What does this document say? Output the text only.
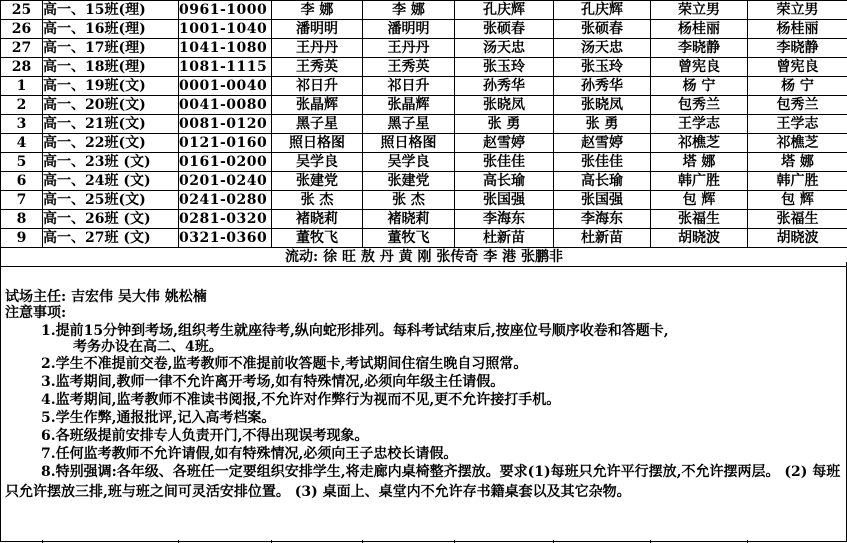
25	高一、15班(理)	0961-1000	李 娜	李 娜	孔庆辉	孔庆辉	荣立男	荣立男
26	高一、16班(理)	1001-1040	潘明明	潘明明	张硕春	张硕春	杨桂丽	杨桂丽
27	高一、17班(理)	1041-1080	王丹丹	王丹丹	汤天忠	汤天忠	李晓静	李晓静
28	高一、18班(理)	1081-1115	王秀英	王秀英	张玉玲	张玉玲	曾宪良	曾宪良
1	高一、19班(文)	0001-0040	祁日升	祁日升	孙秀华	孙秀华	杨 宁	杨 宁
2	高一、20班(文)	0041-0080	张晶辉	张晶辉	张晓凤	张晓凤	包秀兰	包秀兰
3	高一、21班(文)	0081-0120	黑子星	黑子星	张 勇	张 勇	王学志	王学志
4	高一、22班(文)	0121-0160	照日格图	照日格图	赵雪婷	赵雪婷	祁樵芝	祁樵芝
5	高一、23班 (文)	0161-0200	吴学良	吴学良	张佳佳	张佳佳	塔 娜	塔 娜
6	高一、24班 (文)	0201-0240	张建党	张建党	高长瑜	高长瑜	韩广胜	韩广胜
7	高一、25班(文)	0241-0280	张 杰	张 杰	张国强	张国强	包 辉	包 辉
8	高一、26班 (文)	0281-0320	褚晓莉	褚晓莉	李海东	李海东	张福生	张福生
9	高一、27班 (文)	0321-0360	董牧飞	董牧飞	杜新苗	杜新苗	胡晓波	胡晓波
流动: 徐 旺 敖 丹 黄 刚 张传奇 李 港 张鹏非								
试场主任: 吉宏伟 吴大伟 姚松楠
注意事项:
1.提前15分钟到考场,组织考生就座待考,纵向蛇形排列。每科考试结束后,按座位号顺序收卷和答题卡,
考务办设在高二、4班。
2.学生不准提前交卷,监考教师不准提前收答题卡,考试期间住宿生晚自习照常。
3.监考期间,教师一律不允许离开考场,如有特殊情况,必须向年级主任请假。
4.监考期间,监考教师不准读书阅报,不允许对作弊行为视而不见,更不允许接打手机。
5.学生作弊,通报批评,记入高考档案。
6.各班级提前安排专人负责开门,不得出现误考现象。
7.任何监考教师不允许请假,如有特殊情况,必须向王子忠校长请假。
8.特别强调:各年级、各班任一定要组织安排学生,将走廊内桌椅整齐摆放。要求(1)每班只允许平行摆放,不允许摆两层。 (2) 每班只允许摆放三排,班与班之间可灵活安排位置。 (3) 桌面上、桌堂内不允许存书籍桌套以及其它杂物。
